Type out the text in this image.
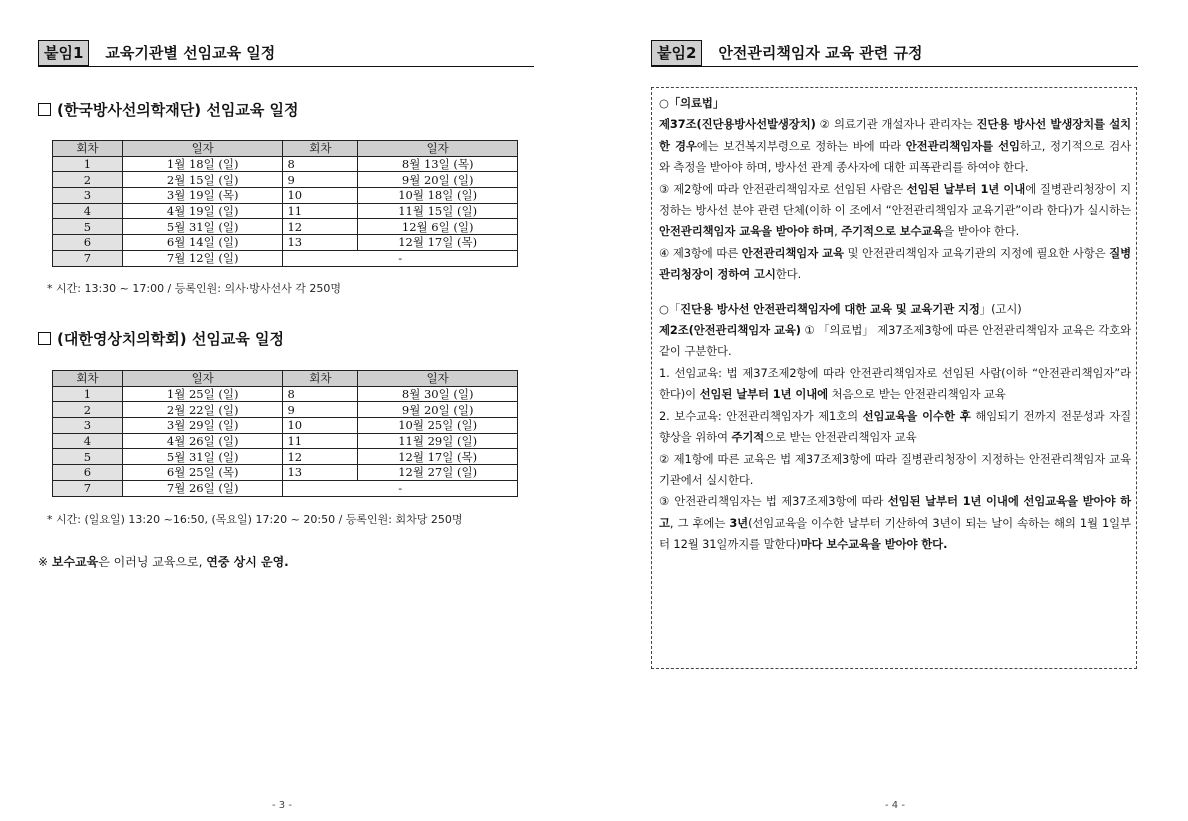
붙임1	교육기관별 선임교육 일정
(한국방사선의학재단) 선임교육 일정
회차	일자	회차	일자
1	1월 18일 (일)	8	8월 13일 (목)
2	2월 15일 (일)	9	9월 20일 (일)
3	3월 19일 (목)	10	10월 18일 (일)
4	4월 19일 (일)	11	11월 15일 (일)
5	5월 31일 (일)	12	12월 6일 (일)
6	6월 14일 (일)	13	12월 17일 (목)
7	7월 12일 (일)	-	
* 시간: 13:30 ~ 17:00 / 등록인원: 의사·방사선사 각 250명
(대한영상치의학회) 선임교육 일정
회차	일자	회차	일자
1	1월 25일 (일)	8	8월 30일 (일)
2	2월 22일 (일)	9	9월 20일 (일)
3	3월 29일 (일)	10	10월 25일 (일)
4	4월 26일 (일)	11	11월 29일 (일)
5	5월 31일 (일)	12	12월 17일 (목)
6	6월 25일 (목)	13	12월 27일 (일)
7	7월 26일 (일)	-	
* 시간: (일요일) 13:20 ~16:50, (목요일) 17:20 ~ 20:50 / 등록인원: 회차당 250명
※ 보수교육은 이러닝 교육으로, 연중 상시 운영.
- 3 -
붙임2	안전관리책임자 교육 관련 규정

○「의료법」

제37조(진단용방사선발생장치) ② 의료기관 개설자나 관리자는 진단용 방사선 발생장치를 설치한 경우에는 보건복지부령으로 정하는 바에 따라 안전관리책임자를 선임하고, 정기적으로 검사와 측정을 받아야 하며, 방사선 관계 종사자에 대한 피폭관리를 하여야 한다.

③ 제2항에 따라 안전관리책임자로 선임된 사람은 선임된 날부터 1년 이내에 질병관리청장이 지정하는 방사선 분야 관련 단체(이하 이 조에서 “안전관리책임자 교육기관”이라 한다)가 실시하는 안전관리책임자 교육을 받아야 하며, 주기적으로 보수교육을 받아야 한다.

④ 제3항에 따른 안전관리책임자 교육 및 안전관리책임자 교육기관의 지정에 필요한 사항은 질병관리청장이 정하여 고시한다.

○「진단용 방사선 안전관리책임자에 대한 교육 및 교육기관 지정」(고시)

제2조(안전관리책임자 교육) ① 「의료법」 제37조제3항에 따른 안전관리책임자 교육은 각호와 같이 구분한다.

1. 선임교육: 법 제37조제2항에 따라 안전관리책임자로 선임된 사람(이하 “안전관리책임자”라 한다)이 선임된 날부터 1년 이내에 처음으로 받는 안전관리책임자 교육

2. 보수교육: 안전관리책임자가 제1호의 선임교육을 이수한 후 해임되기 전까지 전문성과 자질 향상을 위하여 주기적으로 받는 안전관리책임자 교육

② 제1항에 따른 교육은 법 제37조제3항에 따라 질병관리청장이 지정하는 안전관리책임자 교육기관에서 실시한다.

③ 안전관리책임자는 법 제37조제3항에 따라 선임된 날부터 1년 이내에 선임교육을 받아야 하고, 그 후에는 3년(선임교육을 이수한 날부터 기산하여 3년이 되는 날이 속하는 해의 1월 1일부터 12월 31일까지를 말한다)마다 보수교육을 받아야 한다.

- 4 -
